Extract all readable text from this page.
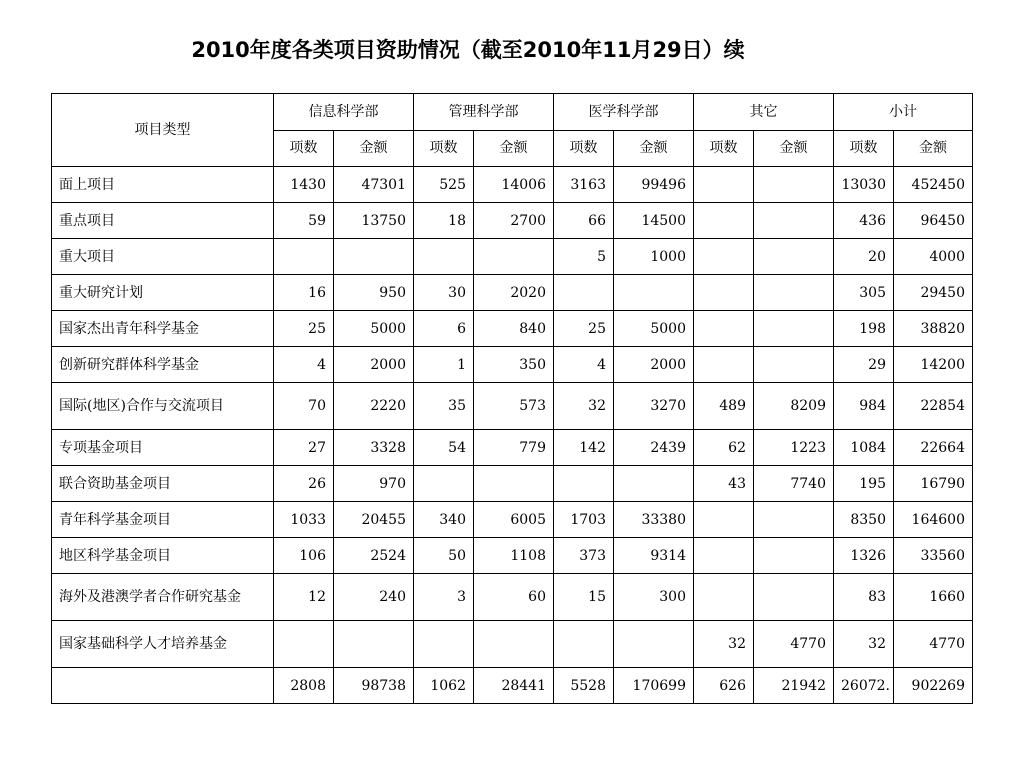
2010年度各类项目资助情况（截至2010年11月29日）续
项目类型	信息科学部		管理科学部		医学科学部		其它		小计	
	项数	金额	项数	金额	项数	金额	项数	金额	项数	金额
面上项目	1430	47301	525	14006	3163	99496			13030	452450
重点项目	59	13750	18	2700	66	14500			436	96450
重大项目					5	1000			20	4000
重大研究计划	16	950	30	2020					305	29450
国家杰出青年科学基金	25	5000	6	840	25	5000			198	38820
创新研究群体科学基金	4	2000	1	350	4	2000			29	14200
国际(地区)合作与交流项目	70	2220	35	573	32	3270	489	8209	984	22854
专项基金项目	27	3328	54	779	142	2439	62	1223	1084	22664
联合资助基金项目	26	970					43	7740	195	16790
青年科学基金项目	1033	20455	340	6005	1703	33380			8350	164600
地区科学基金项目	106	2524	50	1108	373	9314			1326	33560
海外及港澳学者合作研究基金	12	240	3	60	15	300			83	1660
国家基础科学人才培养基金							32	4770	32	4770
	2808	98738	1062	28441	5528	170699	626	21942	26072.	902269
